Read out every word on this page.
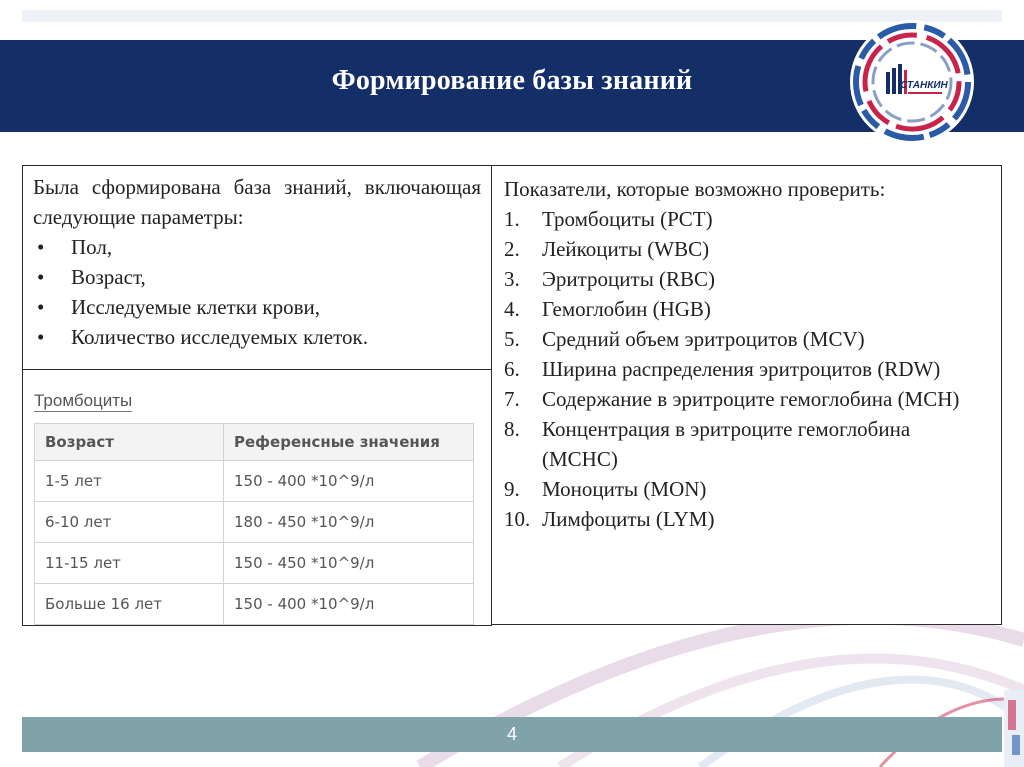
Формирование базы знаний	СТАНКИН
Была сформирована база знаний, включающая следующие параметры:
• Пол,
• Возраст,
• Исследуемые клетки крови,
• Количество исследуемых клеток.
Тромбоциты
Возраст	Референсные значения
1-5 лет	150 - 400 *10^9/л
6-10 лет	180 - 450 *10^9/л
11-15 лет	150 - 450 *10^9/л
Больше 16 лет	150 - 400 *10^9/л
Показатели, которые возможно проверить:
1. Тромбоциты (PCT)
2. Лейкоциты (WBC)
3. Эритроциты (RBC)
4. Гемоглобин (HGB)
5. Средний объем эритроцитов (MCV)
6. Ширина распределения эритроцитов (RDW)
7. Содержание в эритроците гемоглобина (MCH)
8. Концентрация в эритроците гемоглобина (MCHC)
9. Моноциты (MON)
10. Лимфоциты (LYM)
4
